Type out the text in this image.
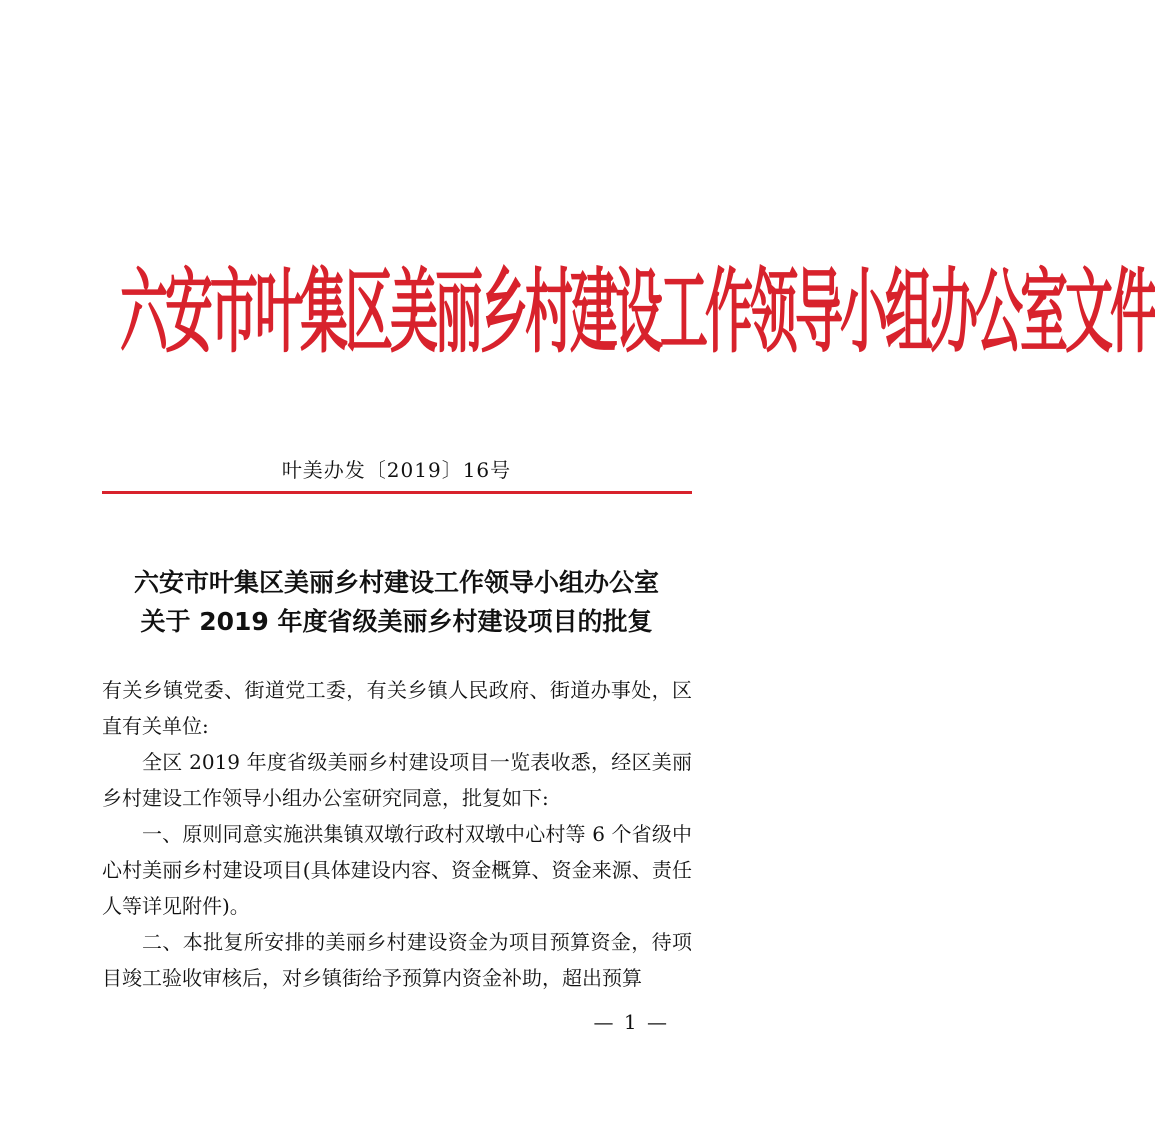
六安市叶集区美丽乡村建设工作领导小组办公室文件
叶美办发〔2019〕16号
六安市叶集区美丽乡村建设工作领导小组办公室
关于 2019 年度省级美丽乡村建设项目的批复

有关乡镇党委、街道党工委，有关乡镇人民政府、街道办事处，区直有关单位:

全区 2019 年度省级美丽乡村建设项目一览表收悉，经区美丽乡村建设工作领导小组办公室研究同意，批复如下:

一、原则同意实施洪集镇双墩行政村双墩中心村等 6 个省级中心村美丽乡村建设项目(具体建设内容、资金概算、资金来源、责任人等详见附件)。

二、本批复所安排的美丽乡村建设资金为项目预算资金，待项目竣工验收审核后，对乡镇街给予预算内资金补助，超出预算

— 1 —
